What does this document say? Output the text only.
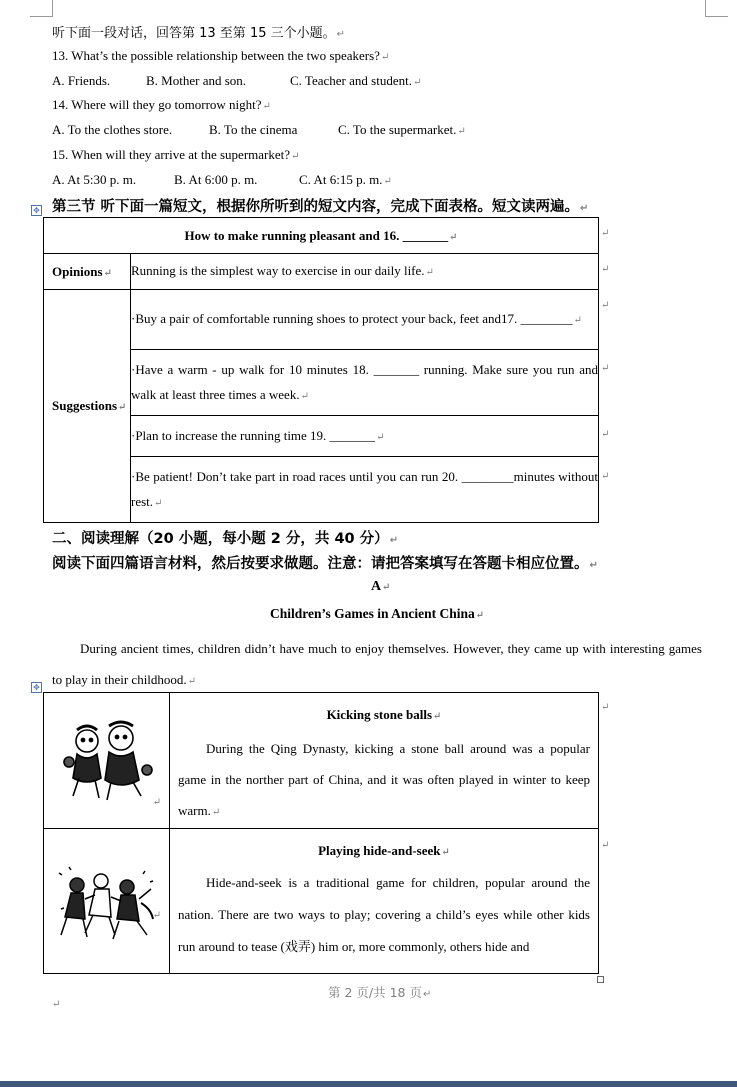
听下面一段对话，回答第 13 至第 15 三个小题。↵
13. What’s the possible relationship between the two speakers?↵
A. Friends.	B. Mother and son.	C. Teacher and student.↵
14. Where will they go tomorrow night?↵
A. To the clothes store.	B. To the cinema	C. To the supermarket.↵
15. When will they arrive at the supermarket?↵
A. At 5:30 p. m.	B. At 6:00 p. m.	C. At 6:15 p. m.↵
✥ 第三节 听下面一篇短文，根据你所听到的短文内容，完成下面表格。短文读两遍。↵
How to make running pleasant and 16. _______↵	
Opinions↵	Running is the simplest way to exercise in our daily life.↵
Suggestions↵	·Buy a pair of comfortable running shoes to protect your back, feet and17. ________↵
	·Have a warm - up walk for 10 minutes 18. _______ running. Make sure you run and walk at least three times a week.↵
	·Plan to increase the running time 19. _______↵
	·Be patient! Don’t take part in road races until you can run 20. ________minutes without rest.↵
↵
↵
↵
↵
↵
↵
二、阅读理解（20 小题，每小题 2 分，共 40 分）↵
阅读下面四篇语言材料，然后按要求做题。注意：请把答案填写在答题卡相应位置。↵
A↵
Children’s Games in Ancient China↵
During ancient times, children didn’t have much to enjoy themselves. However, they came up with interesting games to play in their childhood.↵
✥
↵	Kicking stone balls↵
During the Qing Dynasty, kicking a stone ball around was a popular game in the norther part of China, and it was often played in winter to keep warm.↵

↵	Playing hide-and-seek↵
Hide-and-seek is a traditional game for children, popular around the nation. There are two ways to play; covering a child’s eyes while other kids run around to tease (戏弄) him or, more commonly, others hide and
↵
↵
第 2 页/共 18 页↵
↵
